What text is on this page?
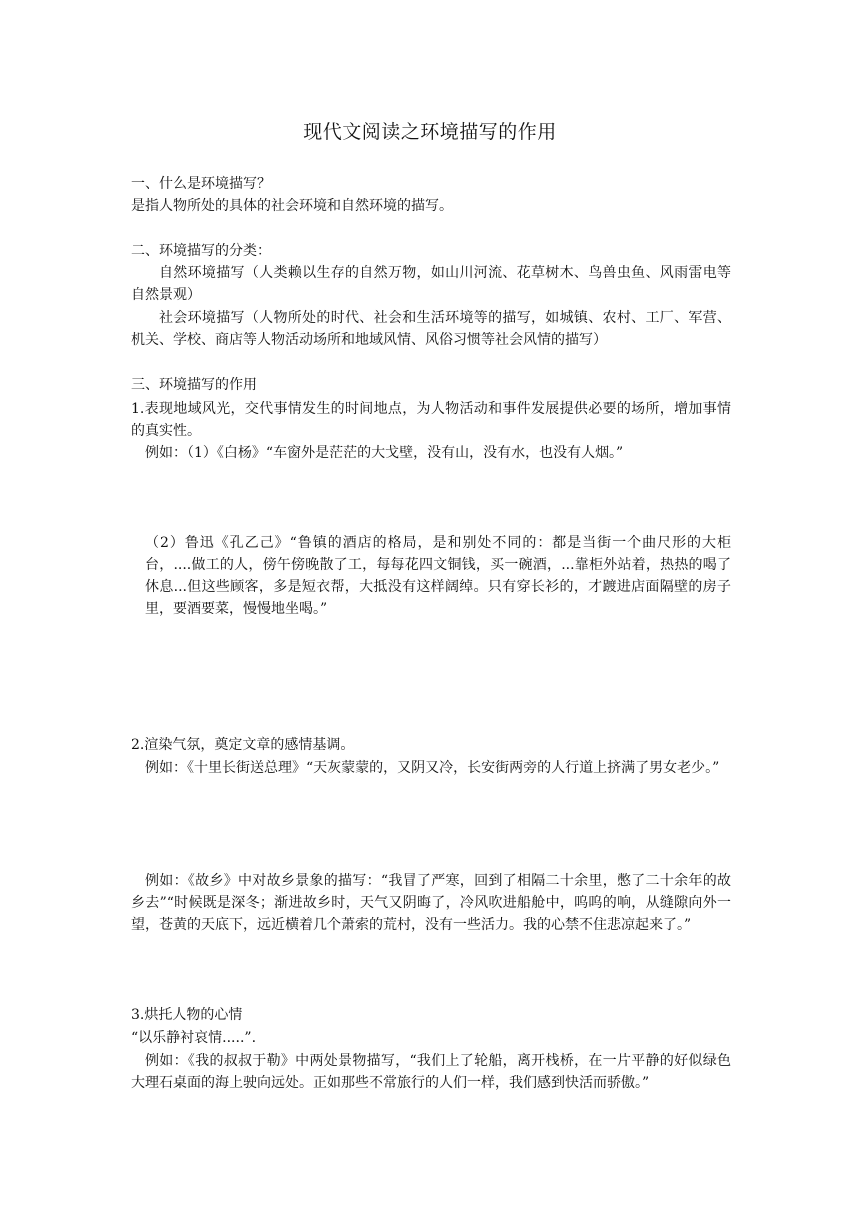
现代文阅读之环境描写的作用
一、什么是环境描写？
是指人物所处的具体的社会环境和自然环境的描写。
二、环境描写的分类：
自然环境描写（人类赖以生存的自然万物，如山川河流、花草树木、鸟兽虫鱼、风雨雷电等自然景观）
社会环境描写（人物所处的时代、社会和生活环境等的描写，如城镇、农村、工厂、军营、机关、学校、商店等人物活动场所和地域风情、风俗习惯等社会风情的描写）
三、环境描写的作用
1.表现地域风光，交代事情发生的时间地点，为人物活动和事件发展提供必要的场所，增加事情的真实性。
例如：（1）《白杨》“车窗外是茫茫的大戈壁，没有山，没有水，也没有人烟。”
（2）鲁迅《孔乙己》“鲁镇的酒店的格局，是和别处不同的：都是当街一个曲尺形的大柜台，....做工的人，傍午傍晚散了工，每每花四文铜钱，买一碗酒，...靠柜外站着，热热的喝了休息...但这些顾客，多是短衣帮，大抵没有这样阔绰。只有穿长衫的，才踱进店面隔壁的房子里，要酒要菜，慢慢地坐喝。”
2.渲染气氛，奠定文章的感情基调。
例如：《十里长街送总理》“天灰蒙蒙的，又阴又冷，长安街两旁的人行道上挤满了男女老少。”
例如：《故乡》中对故乡景象的描写：“我冒了严寒，回到了相隔二十余里，憋了二十余年的故乡去”“时候既是深冬；渐进故乡时，天气又阴晦了，冷风吹进船舱中，呜呜的响，从缝隙向外一望，苍黄的天底下，远近横着几个萧索的荒村，没有一些活力。我的心禁不住悲凉起来了。”
3.烘托人物的心情
“以乐静衬哀情.....”.
例如：《我的叔叔于勒》中两处景物描写，“我们上了轮船，离开栈桥，在一片平静的好似绿色大理石桌面的海上驶向远处。正如那些不常旅行的人们一样，我们感到快活而骄傲。”
